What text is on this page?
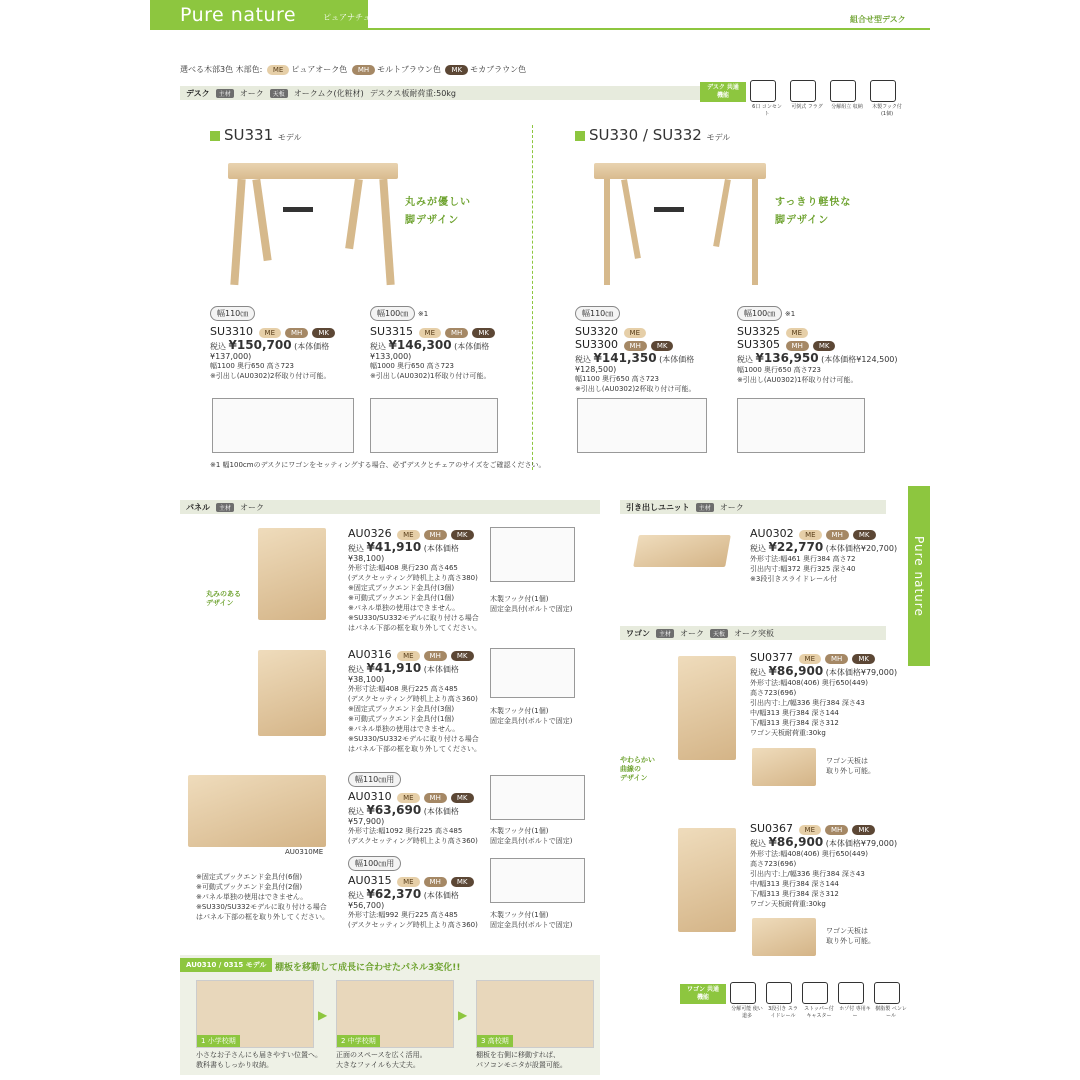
Pure nature	ピュアナチュール	組合せ型デスク
Pure nature
選べる木部3色 木部色: ME ピュアオーク色 MH モルトブラウン色 MK モカブラウン色
デスク	主材	オーク	天板	オークムク(化粧材) デスクス板耐荷重:50kg
デスク 共通機能
6口 コンセント
可倒式 フラグ 分解組立 収納	木製フック付 (1個)
SU331 モデル
丸みが優しい
脚デザイン
幅110㎝
SU3310 ME MH MK
税込 ¥150,700 (本体価格¥137,000)
幅1100 奥行650 高さ723
※引出し(AU0302)2杯取り付け可能。
幅100㎝ ※1
SU3315 ME MH MK
税込 ¥146,300 (本体価格¥133,000)
幅1000 奥行650 高さ723
※引出し(AU0302)1杯取り付け可能。
SU330 / SU332 モデル
すっきり軽快な
脚デザイン
幅110㎝
SU3320 ME
SU3300 MH MK
税込 ¥141,350 (本体価格¥128,500)
幅1100 奥行650 高さ723
※引出し(AU0302)2杯取り付け可能。
幅100㎝ ※1
SU3325 ME
SU3305 MH MK
税込 ¥136,950 (本体価格¥124,500)
幅1000 奥行650 高さ723
※引出し(AU0302)1杯取り付け可能。
※1 幅100cmのデスクにワゴンをセッティングする場合、必ずデスクとチェアのサイズをご確認ください。
パネル	主材	オーク
丸みのある
デザイン
AU0326 ME MH MK
税込 ¥41,910 (本体価格¥38,100)
外形寸法:幅408 奥行230 高さ465
(デスクセッティング時机上より高さ380)
※固定式ブックエンド金具付(3個)
※可動式ブックエンド金具付(1個)
※パネル単独の使用はできません。
※SU330/SU332モデルに取り付ける場合
はパネル下部の框を取り外してください。
木製フック付(1個)
固定金具付(ボルトで固定)
AU0316 ME MH MK
税込 ¥41,910 (本体価格¥38,100)
外形寸法:幅408 奥行225 高さ485
(デスクセッティング時机上より高さ360)
※固定式ブックエンド金具付(3個)
※可動式ブックエンド金具付(1個)
※パネル単独の使用はできません。
※SU330/SU332モデルに取り付ける場合
はパネル下部の框を取り外してください。
木製フック付(1個)
固定金具付(ボルトで固定)
AU0310ME
※固定式ブックエンド金具付(6個)
※可動式ブックエンド金具付(2個)
※パネル単独の使用はできません。
※SU330/SU332モデルに取り付ける場合
はパネル下部の框を取り外してください。
幅110㎝用
AU0310 ME MH MK
税込 ¥63,690 (本体価格¥57,900)
外形寸法:幅1092 奥行225 高さ485
(デスクセッティング時机上より高さ360)
木製フック付(1個)
固定金具付(ボルトで固定)
幅100㎝用
AU0315 ME MH MK
税込 ¥62,370 (本体価格¥56,700)
外形寸法:幅992 奥行225 高さ485
(デスクセッティング時机上より高さ360)
木製フック付(1個)
固定金具付(ボルトで固定)
引き出しユニット	主材	オーク
AU0302 ME MH MK
税込 ¥22,770 (本体価格¥20,700)
外形寸法:幅461 奥行384 高さ72
引出内寸:幅372 奥行325 深さ40
※3段引きスライドレール付
ワゴン	主材	オーク	天板	オーク突板
やわらかい
曲線の
デザイン
SU0377 ME MH MK
税込 ¥86,900 (本体価格¥79,000)
外形寸法:幅408(406) 奥行650(449)
高さ723(696)
引出内寸:上/幅336 奥行384 深さ43
中/幅313 奥行384 深さ144
下/幅313 奥行384 深さ312
ワゴン天板耐荷重:30kg
ワゴン天板は
取り外し可能。
SU0367 ME MH MK
税込 ¥86,900 (本体価格¥79,000)
外形寸法:幅408(406) 奥行650(449)
高さ723(696)
引出内寸:上/幅336 奥行384 深さ43
中/幅313 奥行384 深さ144
下/幅313 奥行384 深さ312
ワゴン天板耐荷重:30kg
ワゴン天板は
取り外し可能。
ワゴン 共通機能
分解可能 使い道多
3段引き スライドレール
ストッパー付 キャスター
ホゾ付 専用キー
樹脂製 ペンレール
AU0310 / 0315 モデル 棚板を移動して成長に合わせたパネル3変化!!
1 小学校期	2 中学校期	3 高校期
▶	▶
小さなお子さんにも届きやすい位置へ。
教科書もしっかり収納。
正面のスペースを広く活用。
大きなファイルも大丈夫。
棚板を右側に移動すれば、
パソコンモニタが設置可能。
